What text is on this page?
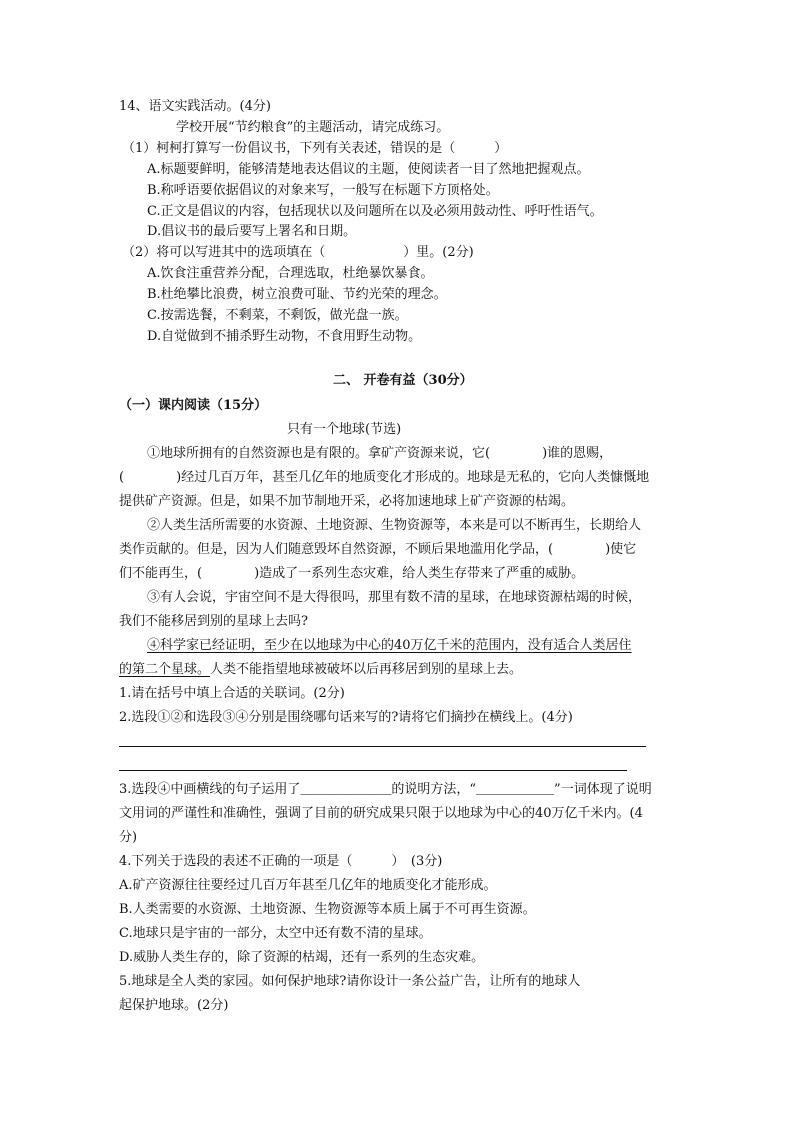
14、语文实践活动。(4分)
学校开展“节约粮食”的主题活动，请完成练习。
（1）柯柯打算写一份倡议书，下列有关表述，错误的是（　　　）
A.标题要鲜明，能够清楚地表达倡议的主题，使阅读者一目了然地把握观点。
B.称呼语要依据倡议的对象来写，一般写在标题下方顶格处。
C.正文是倡议的内容，包括现状以及问题所在以及必须用鼓动性、呼吁性语气。
D.倡议书的最后要写上署名和日期。
（2）将可以写进其中的选项填在（　　　　　　）里。(2分)
A.饮食注重营养分配，合理选取，杜绝暴饮暴食。
B.杜绝攀比浪费，树立浪费可耻、节约光荣的理念。
C.按需选餐，不剩菜，不剩饭，做光盘一族。
D.自觉做到不捕杀野生动物，不食用野生动物。
二、 开卷有益（30分）
（一）课内阅读（15分）
只有一个地球(节选)
①地球所拥有的自然资源也是有限的。拿矿产资源来说，它(　　　　)谁的恩赐，
(　　　　)经过几百万年，甚至几亿年的地质变化才形成的。地球是无私的，它向人类慷慨地
提供矿产资源。但是，如果不加节制地开采，必将加速地球上矿产资源的枯竭。
②人类生活所需要的水资源、土地资源、生物资源等，本来是可以不断再生，长期给人
类作贡献的。但是，因为人们随意毁坏自然资源，不顾后果地滥用化学品，(　　　　)使它
们不能再生，(　　　　)造成了一系列生态灾难，给人类生存带来了严重的威胁。
③有人会说，宇宙空间不是大得很吗，那里有数不清的星球，在地球资源枯竭的时候，
我们不能移居到别的星球上去吗?
④科学家已经证明，至少在以地球为中心的40万亿千米的范围内，没有适合人类居住
的第二个星球。人类不能指望地球被破坏以后再移居到别的星球上去。
1.请在括号中填上合适的关联词。(2分)
2.选段①②和选段③④分别是围绕哪句话来写的?请将它们摘抄在横线上。(4分)
3.选段④中画横线的句子运用了＿＿＿＿＿＿＿的说明方法，“＿＿＿＿＿＿”一词体现了说明
文用词的严谨性和准确性，强调了目前的研究成果只限于以地球为中心的40万亿千米内。(4
分)
4.下列关于选段的表述不正确的一项是（　　　）　(3分)
A.矿产资源往往要经过几百万年甚至几亿年的地质变化才能形成。
B.人类需要的水资源、土地资源、生物资源等本质上属于不可再生资源。
C.地球只是宇宙的一部分，太空中还有数不清的星球。
D.威胁人类生存的，除了资源的枯竭，还有一系列的生态灾难。
5.地球是全人类的家园。如何保护地球?请你设计一条公益广告，让所有的地球人
起保护地球。(2分)
